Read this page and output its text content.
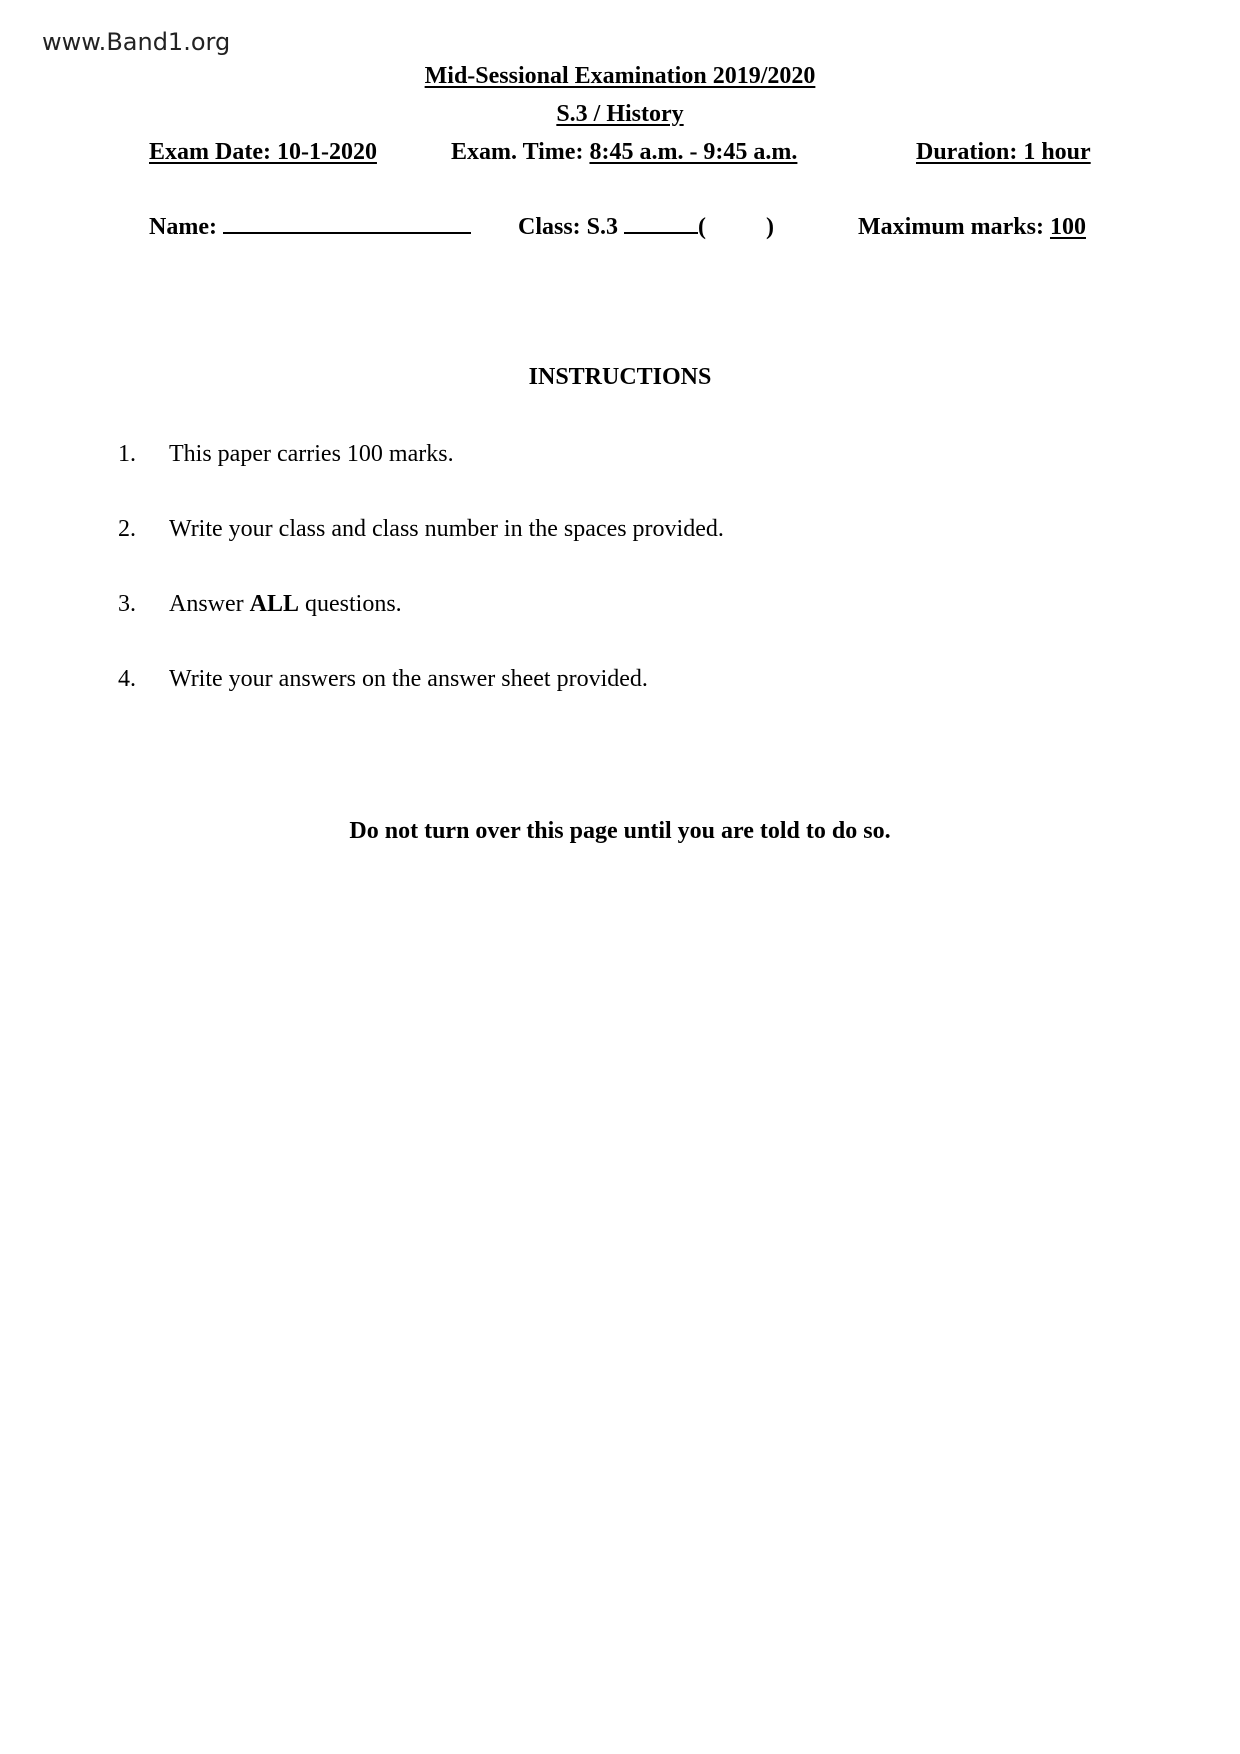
www.Band1.org
Mid-Sessional Examination 2019/2020
S.3 / History
Exam Date: 10-1-2020	Exam. Time: 8:45 a.m. - 9:45 a.m.	Duration: 1 hour
Name:	Class: S.3	(	)	Maximum marks: 100
INSTRUCTIONS
1. This paper carries 100 marks.
2. Write your class and class number in the spaces provided.
3. Answer ALL questions.
4. Write your answers on the answer sheet provided.
Do not turn over this page until you are told to do so.
